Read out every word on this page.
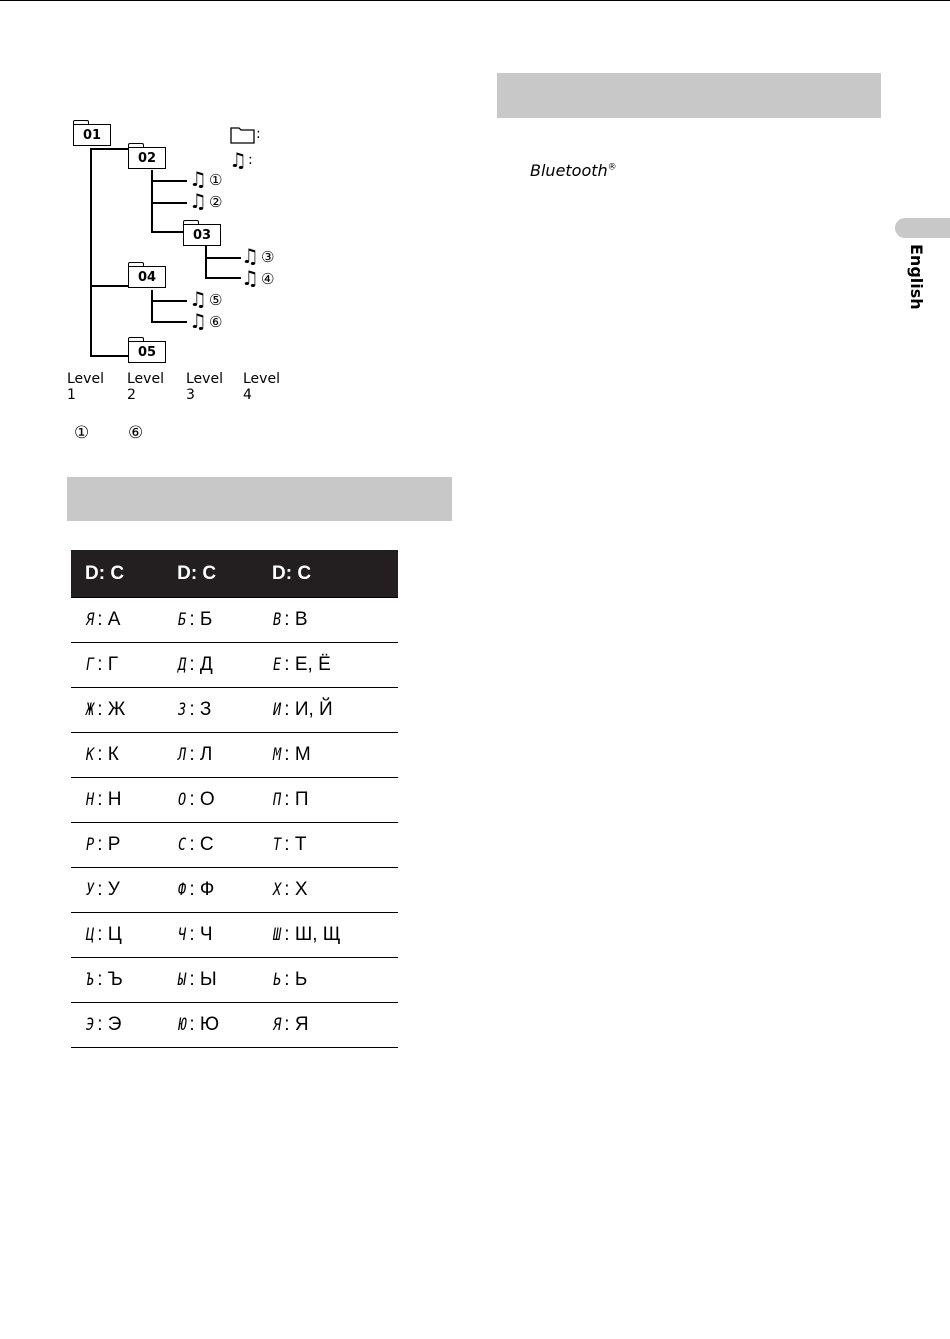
01
02
03
04
05
♫ ①
♫ ②
♫ ③
♫ ④
♫ ⑤
♫ ⑥
:
♫ :
Level 1
Level 2
Level 3
Level 4
① ⑥
D: C	D: C	D: C
Я : А	Б : Б	В : В
Г : Г	Д : Д	Е : Е, Ё
Ж : Ж	З : З	И : И, Й
К : К	Л : Л	М : М
Н : Н	О : О	П : П
Р : Р	С : С	Т : Т
У : У	Ф : Ф	Х : Х
Ц : Ц	Ч : Ч	Ш : Ш, Щ
Ъ : Ъ	Ы : Ы	Ь : Ь
Э : Э	Ю : Ю	Я : Я
Bluetooth®
English
